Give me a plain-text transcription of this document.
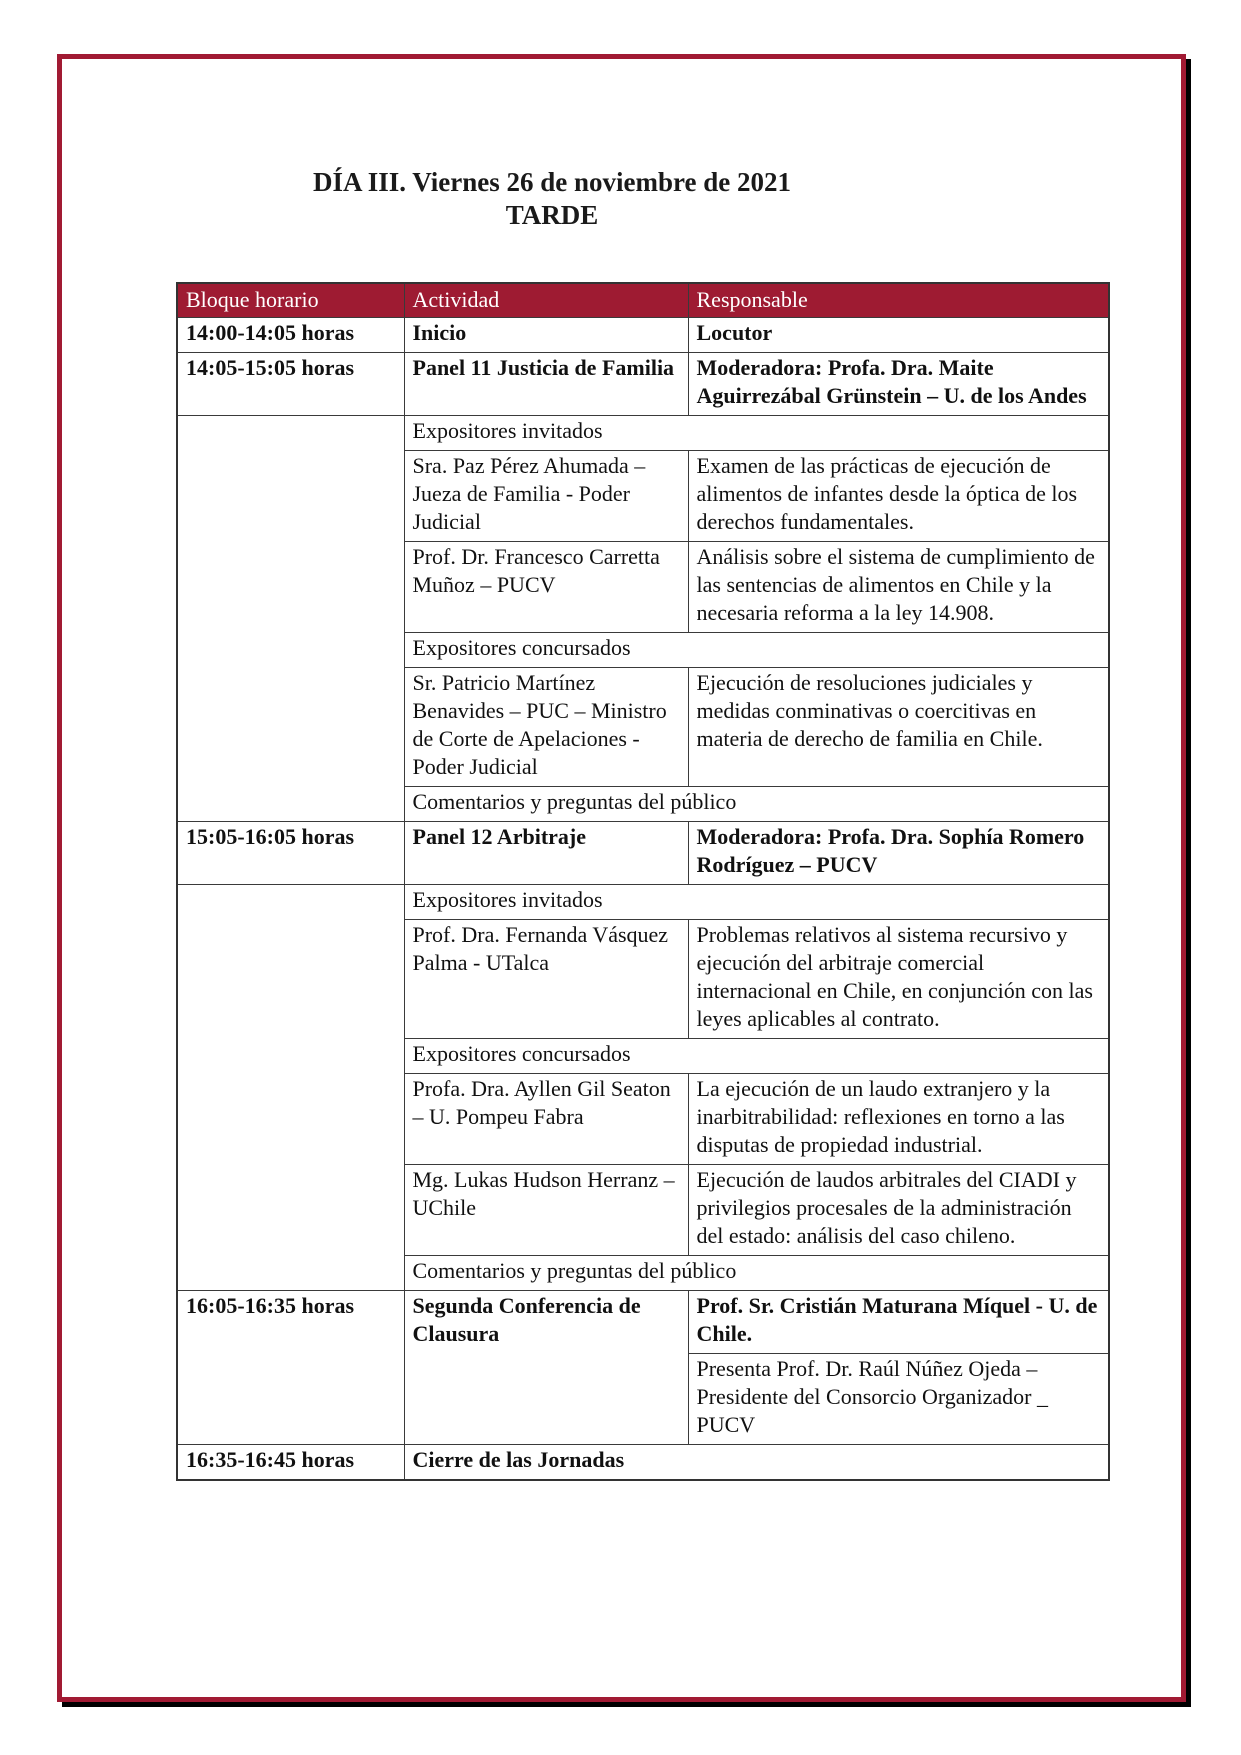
DÍA III. Viernes 26 de noviembre de 2021
TARDE
Bloque horario	Actividad	Responsable
14:00-14:05 horas	Inicio	Locutor
14:05-15:05 horas	Panel 11 Justicia de Familia	Moderadora: Profa. Dra. Maite Aguirrezábal Grünstein – U. de los Andes
	Expositores invitados	
	Sra. Paz Pérez Ahumada – Jueza de Familia - Poder Judicial	Examen de las prácticas de ejecución de alimentos de infantes desde la óptica de los derechos fundamentales.
	Prof. Dr. Francesco Carretta Muñoz – PUCV	Análisis sobre el sistema de cumplimiento de las sentencias de alimentos en Chile y la necesaria reforma a la ley 14.908.
	Expositores concursados	
	Sr. Patricio Martínez Benavides – PUC – Ministro de Corte de Apelaciones - Poder Judicial	Ejecución de resoluciones judiciales y medidas conminativas o coercitivas en materia de derecho de familia en Chile.
	Comentarios y preguntas del público	
15:05-16:05 horas	Panel 12 Arbitraje	Moderadora: Profa. Dra. Sophía Romero Rodríguez – PUCV
	Expositores invitados	
	Prof. Dra. Fernanda Vásquez Palma - UTalca	Problemas relativos al sistema recursivo y ejecución del arbitraje comercial internacional en Chile, en conjunción con las leyes aplicables al contrato.
	Expositores concursados	
	Profa. Dra. Ayllen Gil Seaton – U. Pompeu Fabra	La ejecución de un laudo extranjero y la inarbitrabilidad: reflexiones en torno a las disputas de propiedad industrial.
	Mg. Lukas Hudson Herranz – UChile	Ejecución de laudos arbitrales del CIADI y privilegios procesales de la administración del estado: análisis del caso chileno.
	Comentarios y preguntas del público	
16:05-16:35 horas	Segunda Conferencia de Clausura	Prof. Sr. Cristián Maturana Míquel - U. de Chile.
		Presenta Prof. Dr. Raúl Núñez Ojeda – Presidente del Consorcio Organizador _ PUCV
16:35-16:45 horas	Cierre de las Jornadas	
